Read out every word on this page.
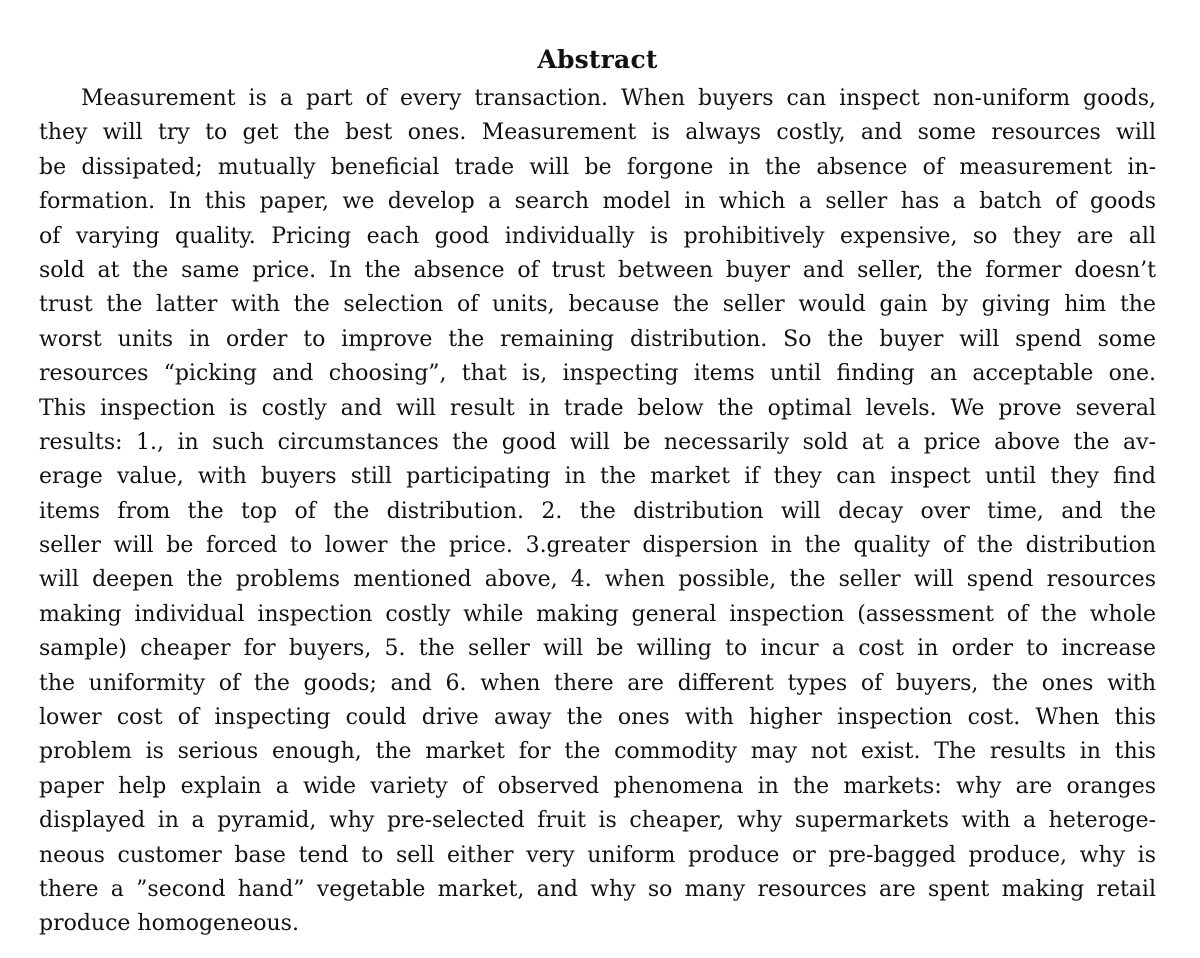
Abstract

Measurement is a part of every transaction. When buyers can inspect non-uniform goods,
they will try to get the best ones. Measurement is always costly, and some resources will
be dissipated; mutually beneficial trade will be forgone in the absence of measurement in-
formation. In this paper, we develop a search model in which a seller has a batch of goods
of varying quality. Pricing each good individually is prohibitively expensive, so they are all
sold at the same price. In the absence of trust between buyer and seller, the former doesn’t
trust the latter with the selection of units, because the seller would gain by giving him the
worst units in order to improve the remaining distribution. So the buyer will spend some
resources “picking and choosing”, that is, inspecting items until finding an acceptable one.
This inspection is costly and will result in trade below the optimal levels. We prove several
results: 1., in such circumstances the good will be necessarily sold at a price above the av-
erage value, with buyers still participating in the market if they can inspect until they find
items from the top of the distribution. 2. the distribution will decay over time, and the
seller will be forced to lower the price. 3.greater dispersion in the quality of the distribution
will deepen the problems mentioned above, 4. when possible, the seller will spend resources
making individual inspection costly while making general inspection (assessment of the whole
sample) cheaper for buyers, 5. the seller will be willing to incur a cost in order to increase
the uniformity of the goods; and 6. when there are different types of buyers, the ones with
lower cost of inspecting could drive away the ones with higher inspection cost. When this
problem is serious enough, the market for the commodity may not exist. The results in this
paper help explain a wide variety of observed phenomena in the markets: why are oranges
displayed in a pyramid, why pre-selected fruit is cheaper, why supermarkets with a heteroge-
neous customer base tend to sell either very uniform produce or pre-bagged produce, why is
there a ”second hand” vegetable market, and why so many resources are spent making retail
produce homogeneous.
